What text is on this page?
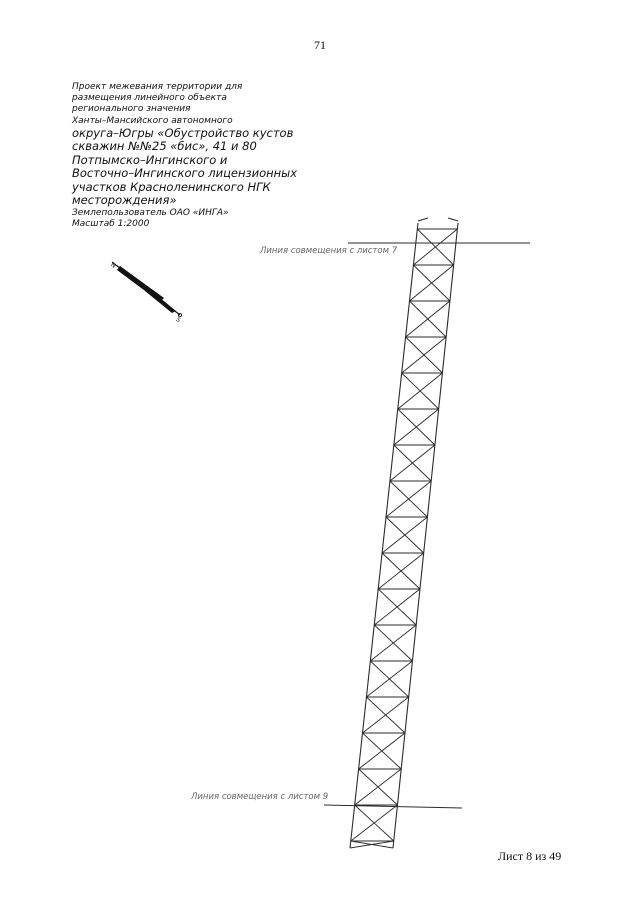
71
Проект межевания территории для
размещения линейного объекта
регионального значения
Ханты–Мансийского автономного
округа–Югры «Обустройство кустов
скважин №№25 «бис», 41 и 80
Потпымско–Ингинского и
Восточно–Ингинского лицензионных
участков Красноленинского НГК
месторождения»
Землепользователь ОАО «ИНГА»
Масштаб 1:2000
N
S
Линия совмещения с листом 7
Линия совмещения с листом 9
Лист 8 из 49
